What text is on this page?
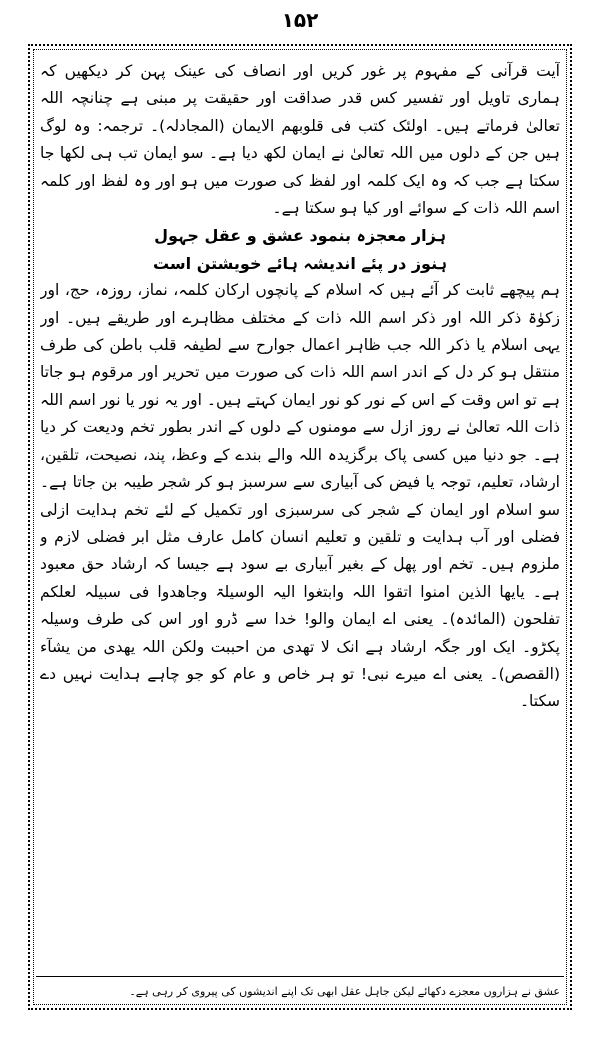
۱۵۲

آیت قرآنی کے مفہوم پر غور کریں اور انصاف کی عینک پہن کر دیکھیں کہ ہماری تاویل اور تفسیر کس قدر صداقت اور حقیقت پر مبنی ہے چنانچہ اللہ تعالیٰ فرماتے ہیں۔ اولئک کتب فی قلوبھم الایمان (المجادلہ)۔ ترجمہ: وہ لوگ ہیں جن کے دلوں میں اللہ تعالیٰ نے ایمان لکھ دیا ہے۔ سو ایمان تب ہی لکھا جا سکتا ہے جب کہ وہ ایک کلمہ اور لفظ کی صورت میں ہو اور وہ لفظ اور کلمہ اسم اللہ ذات کے سوائے اور کیا ہو سکتا ہے۔

ہزار معجزہ بنمود عشق و عقل جہول

ہنوز در پئے اندیشہ ہائے خویشتن است

ہم پیچھے ثابت کر آئے ہیں کہ اسلام کے پانچوں ارکان کلمہ، نماز، روزہ، حج، اور زکوٰۃ ذکر اللہ اور ذکر اسم اللہ ذات کے مختلف مظاہرے اور طریقے ہیں۔ اور یہی اسلام یا ذکر اللہ جب ظاہر اعمال جوارح سے لطیفہ قلب باطن کی طرف منتقل ہو کر دل کے اندر اسم اللہ ذات کی صورت میں تحریر اور مرقوم ہو جاتا ہے تو اس وقت کے اس کے نور کو نور ایمان کہتے ہیں۔ اور یہ نور یا نور اسم اللہ ذات اللہ تعالیٰ نے روز ازل سے مومنوں کے دلوں کے اندر بطور تخم ودیعت کر دیا ہے۔ جو دنیا میں کسی پاک برگزیدہ اللہ والے بندے کے وعظ، پند، نصیحت، تلقین، ارشاد، تعلیم، توجہ یا فیض کی آبیاری سے سرسبز ہو کر شجر طیبہ بن جاتا ہے۔ سو اسلام اور ایمان کے شجر کی سرسبزی اور تکمیل کے لئے تخم ہدایت ازلی فضلی اور آب ہدایت و تلقین و تعلیم انسان کامل عارف مثل ابر فضلی لازم و ملزوم ہیں۔ تخم اور پھل کے بغیر آبیاری بے سود ہے جیسا کہ ارشاد حق معبود ہے۔ یایھا الذین امنوا اتقوا اللہ وابتغوا الیہ الوسیلۃ وجاھدوا فی سبیلہ لعلکم تفلحون (المائدہ)۔ یعنی اے ایمان والو! خدا سے ڈرو اور اس کی طرف وسیلہ پکڑو۔ ایک اور جگہ ارشاد ہے انک لا تھدی من احببت ولکن اللہ یھدی من یشآء (القصص)۔ یعنی اے میرے نبی! تو ہر خاص و عام کو جو چاہے ہدایت نہیں دے سکتا۔

عشق نے ہزاروں معجزے دکھائے لیکن جاہل عقل ابھی تک اپنے اندیشوں کی پیروی کر رہی ہے۔
